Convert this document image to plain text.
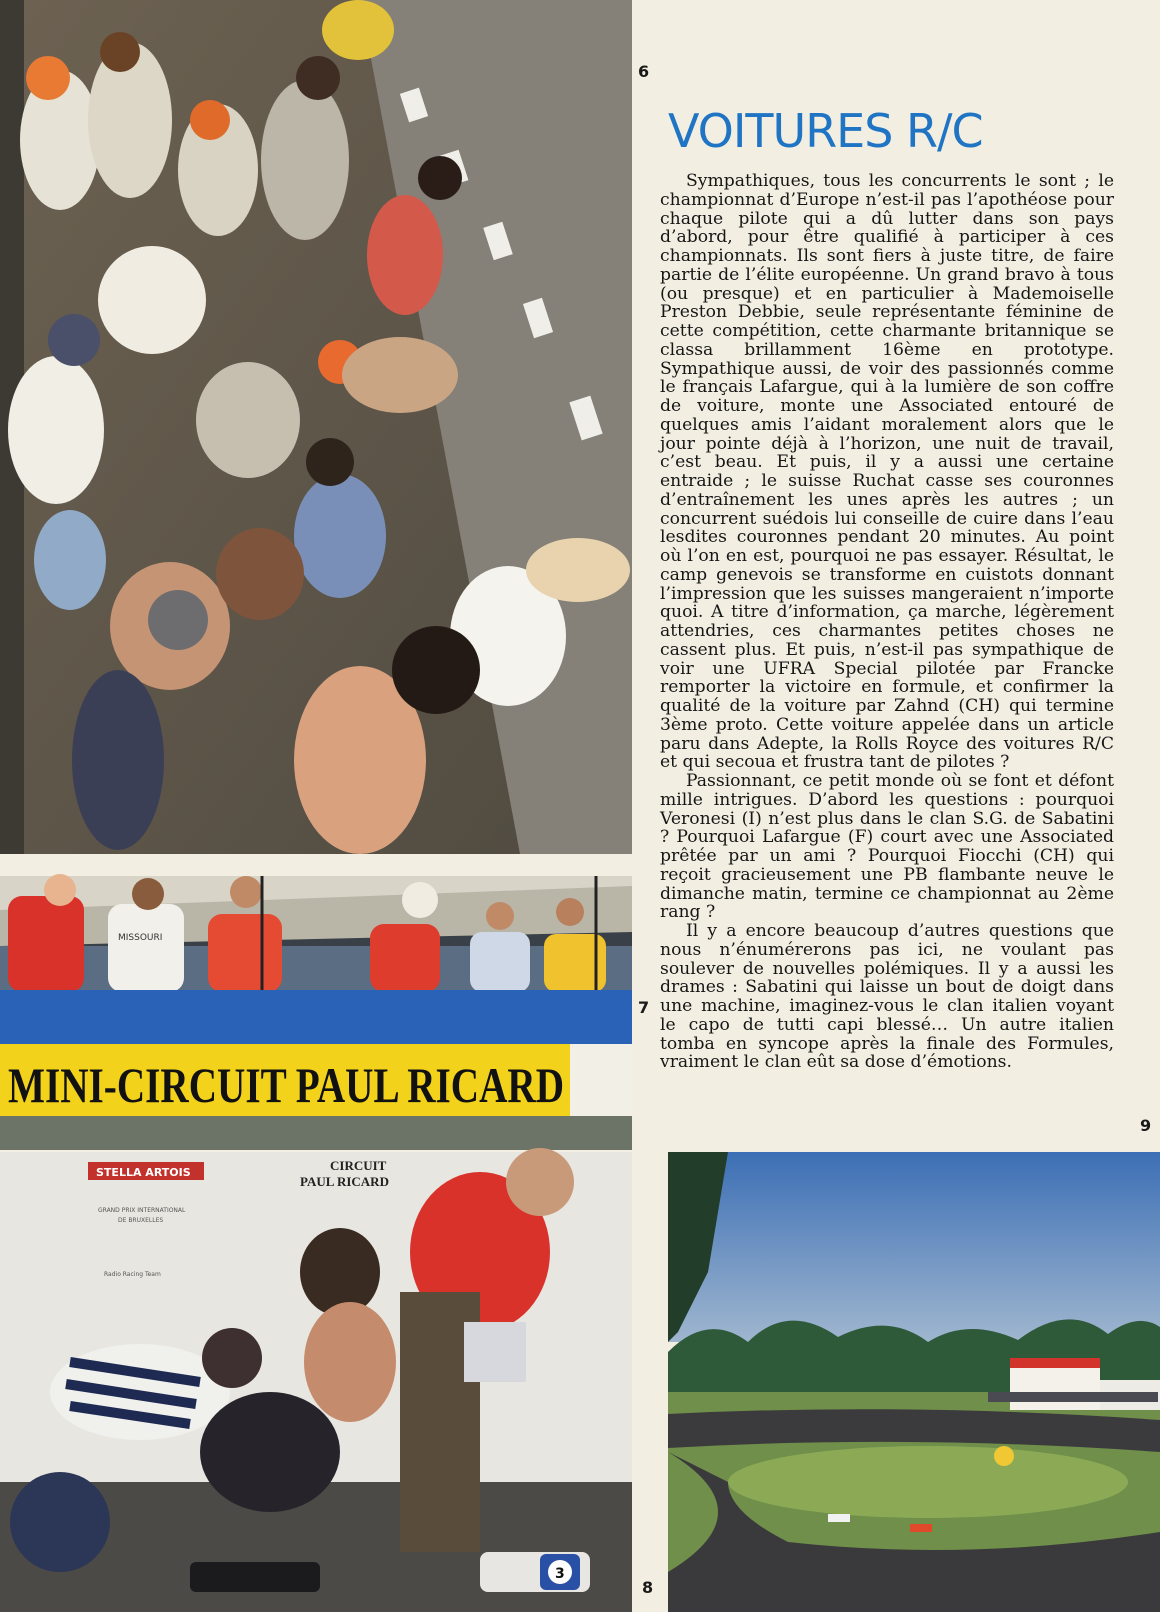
MISSOURI
MINI-CIRCUIT PAUL RICARD
STELLA ARTOIS
GRAND PRIX INTERNATIONAL
DE BRUXELLES
Radio Racing Team
CIRCUIT
PAUL RICARD
3
6
7
8
9
VOITURES R/C

Sympathiques, tous les concurrents le sont ; le championnat d’Europe n’est-il pas l’apothéose pour chaque pilote qui a dû lutter dans son pays d’abord, pour être qualifié à participer à ces championnats. Ils sont fiers à juste titre, de faire partie de l’élite européenne. Un grand bravo à tous (ou presque) et en particulier à Mademoiselle Preston Debbie, seule représentante féminine de cette compétition, cette charmante britannique se classa brillamment 16ème en prototype. Sympathique aussi, de voir des passionnés comme le français Lafargue, qui à la lumière de son coffre de voiture, monte une Associated entouré de quelques amis l’aidant moralement alors que le jour pointe déjà à l’horizon, une nuit de travail, c’est beau. Et puis, il y a aussi une certaine entraide ; le suisse Ruchat casse ses couronnes d’entraînement les unes après les autres ; un concurrent suédois lui conseille de cuire dans l’eau lesdites couronnes pendant 20 minutes. Au point où l’on en est, pourquoi ne pas essayer. Résultat, le camp genevois se transforme en cuistots donnant l’impression que les suisses mangeraient n’importe quoi. A titre d’information, ça marche, légèrement attendries, ces charmantes petites choses ne cassent plus. Et puis, n’est-il pas sympathique de voir une UFRA Special pilotée par Francke remporter la victoire en formule, et confirmer la qualité de la voiture par Zahnd (CH) qui termine 3ème proto. Cette voiture appelée dans un article paru dans Adepte, la Rolls Royce des voitures R/C et qui secoua et frustra tant de pilotes ?

Passionnant, ce petit monde où se font et défont mille intrigues. D’abord les questions : pourquoi Veronesi (I) n’est plus dans le clan S.G. de Sabatini ? Pourquoi Lafargue (F) court avec une Associated prêtée par un ami ? Pourquoi Fiocchi (CH) qui reçoit gracieusement une PB flambante neuve le dimanche matin, termine ce championnat au 2ème rang ?

Il y a encore beaucoup d’autres questions que nous n’énumérerons pas ici, ne voulant pas soulever de nouvelles polémiques. Il y a aussi les drames : Sabatini qui laisse un bout de doigt dans une machine, imaginez-vous le clan italien voyant le capo de tutti capi blessé… Un autre italien tomba en syncope après la finale des Formules, vraiment le clan eût sa dose d’émotions.

77
